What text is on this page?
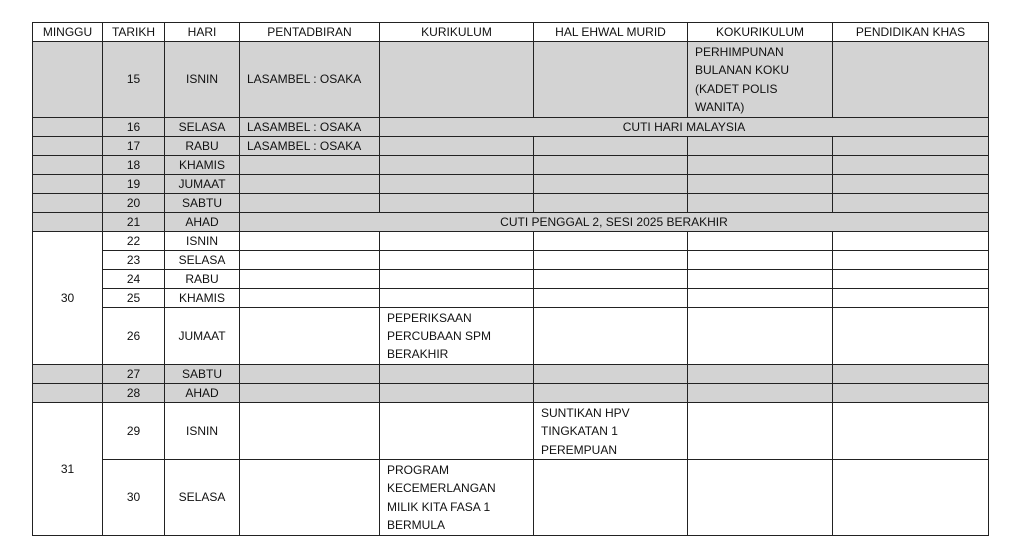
MINGGU	TARIKH	HARI	PENTADBIRAN	KURIKULUM	HAL EHWAL MURID	KOKURIKULUM	PENDIDIKAN KHAS
	15	ISNIN	LASAMBEL : OSAKA			PERHIMPUNAN
BULANAN KOKU
(KADET POLIS
WANITA)	
	16	SELASA	LASAMBEL : OSAKA	CUTI HARI MALAYSIA			
	17	RABU	LASAMBEL : OSAKA				
	18	KHAMIS					
	19	JUMAAT					
	20	SABTU					
	21	AHAD	CUTI PENGGAL 2, SESI 2025 BERAKHIR				
30	22	ISNIN					
	23	SELASA					
	24	RABU					
	25	KHAMIS					
	26	JUMAAT		PEPERIKSAAN
PERCUBAAN SPM
BERAKHIR			
	27	SABTU					
	28	AHAD					
31	29	ISNIN			SUNTIKAN HPV
TINGKATAN 1
PEREMPUAN		
	30	SELASA		PROGRAM
KECEMERLANGAN
MILIK KITA FASA 1
BERMULA			
